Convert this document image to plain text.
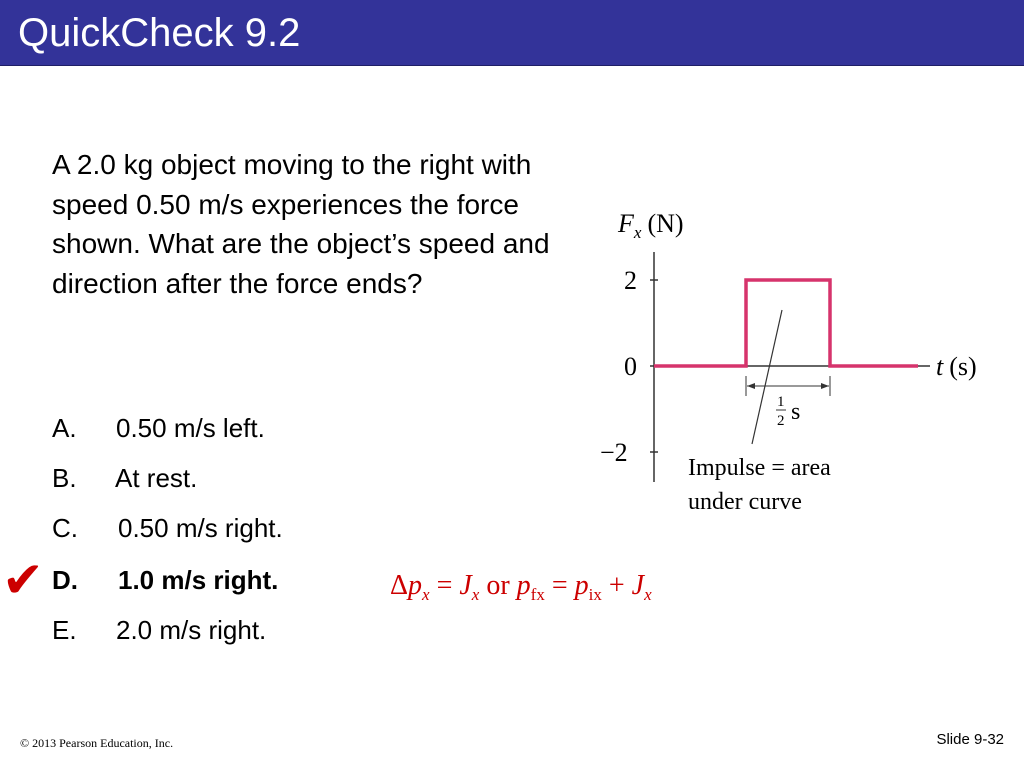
QuickCheck 9.2
A 2.0 kg object moving to the right with speed 0.50 m/s experiences the force shown. What are the object’s speed and direction after the force ends?
A. 0.50 m/s left.
B. At rest.
C. 0.50 m/s right.
D. 1.0 m/s right.
E. 2.0 m/s right.
✔
$F_x$ (N)
2
0
−2
t (s)
1
2 s
Impulse = area
under curve
$\Delta p_x = J_x$ or $p_{fx} = p_{ix} + J_x$
© 2013 Pearson Education, Inc.	Slide 9-32
